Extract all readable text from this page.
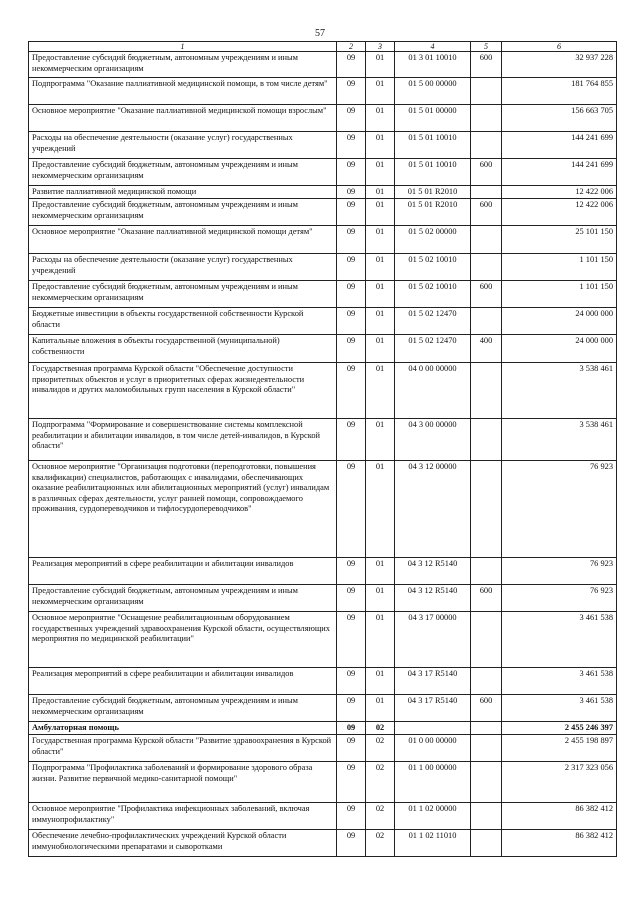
57
1	2	3	4	5	6
Предоставление субсидий бюджетным, автономным учреждениям и иным некоммерческим организациям	09	01	01 3 01 10010	600	32 937 228
Подпрограмма "Оказание паллиативной медицинской помощи, в том числе детям"	09	01	01 5 00 00000		181 764 855
Основное мероприятие "Оказание паллиативной медицинской помощи взрослым"	09	01	01 5 01 00000		156 663 705
Расходы на обеспечение деятельности (оказание услуг) государственных учреждений	09	01	01 5 01 10010		144 241 699
Предоставление субсидий бюджетным, автономным учреждениям и иным некоммерческим организациям	09	01	01 5 01 10010	600	144 241 699
Развитие паллиативной медицинской помощи	09	01	01 5 01 R2010		12 422 006
Предоставление субсидий бюджетным, автономным учреждениям и иным некоммерческим организациям	09	01	01 5 01 R2010	600	12 422 006
Основное мероприятие "Оказание паллиативной медицинской помощи детям"	09	01	01 5 02 00000		25 101 150
Расходы на обеспечение деятельности (оказание услуг) государственных учреждений	09	01	01 5 02 10010		1 101 150
Предоставление субсидий бюджетным, автономным учреждениям и иным некоммерческим организациям	09	01	01 5 02 10010	600	1 101 150
Бюджетные инвестиции в объекты государственной собственности Курской области	09	01	01 5 02 12470		24 000 000
Капитальные вложения в объекты государственной (муниципальной) собственности	09	01	01 5 02 12470	400	24 000 000
Государственная программа Курской области "Обеспечение доступности приоритетных объектов и услуг в приоритетных сферах жизнедеятельности инвалидов и других маломобильных групп населения в Курской области"	09	01	04 0 00 00000		3 538 461
Подпрограмма "Формирование и совершенствование системы комплексной реабилитации и абилитации инвалидов, в том числе детей-инвалидов, в Курской области"	09	01	04 3 00 00000		3 538 461
Основное мероприятие "Организация подготовки (переподготовки, повышения квалификации) специалистов, работающих с инвалидами, обеспечивающих оказание реабилитационных или абилитационных мероприятий (услуг) инвалидам в различных сферах деятельности, услуг ранней помощи, сопровождаемого проживания, сурдопереводчиков и тифлосурдопереводчиков"	09	01	04 3 12 00000		76 923
Реализация мероприятий в сфере реабилитации и абилитации инвалидов	09	01	04 3 12 R5140		76 923
Предоставление субсидий бюджетным, автономным учреждениям и иным некоммерческим организациям	09	01	04 3 12 R5140	600	76 923
Основное мероприятие "Оснащение реабилитационным оборудованием государственных учреждений здравоохранения Курской области, осуществляющих мероприятия по медицинской реабилитации"	09	01	04 3 17 00000		3 461 538
Реализация мероприятий в сфере реабилитации и абилитации инвалидов	09	01	04 3 17 R5140		3 461 538
Предоставление субсидий бюджетным, автономным учреждениям и иным некоммерческим организациям	09	01	04 3 17 R5140	600	3 461 538
Амбулаторная помощь	09	02			2 455 246 397
Государственная программа Курской области "Развитие здравоохранения в Курской области"	09	02	01 0 00 00000		2 455 198 897
Подпрограмма "Профилактика заболеваний и формирование здорового образа жизни. Развитие первичной медико-санитарной помощи"	09	02	01 1 00 00000		2 317 323 056
Основное мероприятие "Профилактика инфекционных заболеваний, включая иммунопрофилактику"	09	02	01 1 02 00000		86 382 412
Обеспечение лечебно-профилактических учреждений Курской области иммунобиологическими препаратами и сыворотками	09	02	01 1 02 11010		86 382 412
